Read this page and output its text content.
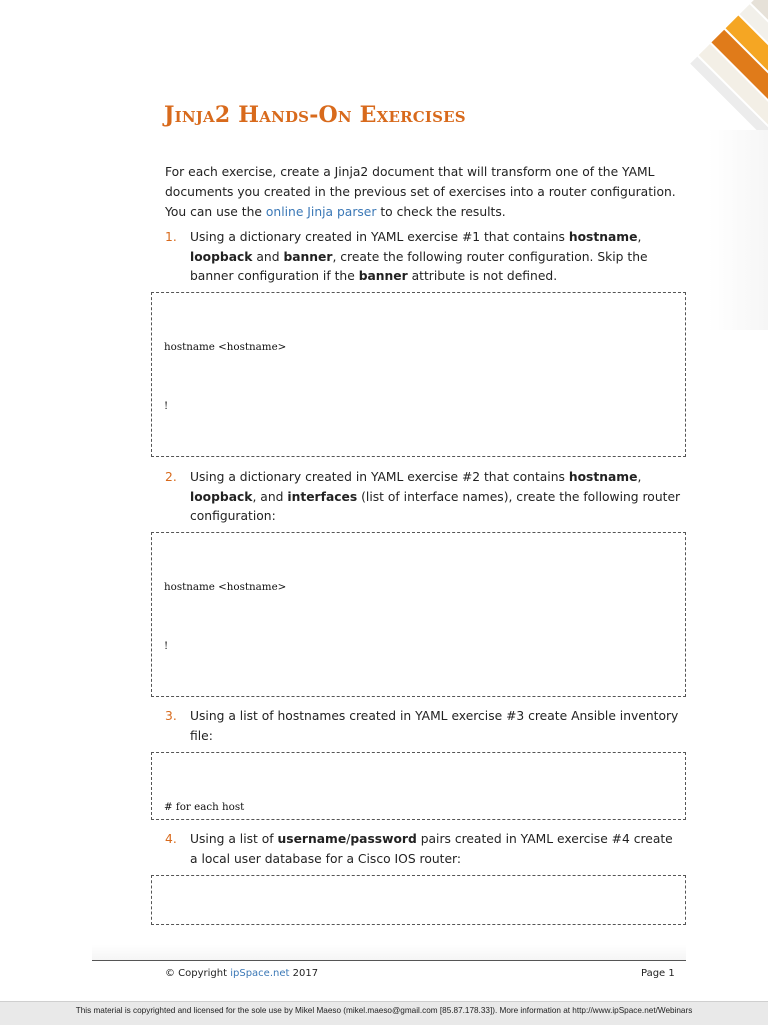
Jinja2 Hands-On Exercises

For each exercise, create a Jinja2 document that will transform one of the YAML documents you created in the previous set of exercises into a router configuration. You can use the online Jinja parser to check the results.

1. Using a dictionary created in YAML exercise #1 that contains hostname, loopback and banner, create the following router configuration. Skip the banner configuration if the banner attribute is not defined.

hostname <hostname>

!

2. Using a dictionary created in YAML exercise #2 that contains hostname, loopback, and interfaces (list of interface names), create the following router configuration:

hostname <hostname>

!

3. Using a list of hostnames created in YAML exercise #3 create Ansible inventory file:

# for each host

4. Using a list of username/password pairs created in YAML exercise #4 create a local user database for a Cisco IOS router:

© Copyright ipSpace.net 2017	Page 1
This material is copyrighted and licensed for the sole use by Mikel Maeso (mikel.maeso@gmail.com [85.87.178.33]). More information at http://www.ipSpace.net/Webinars
